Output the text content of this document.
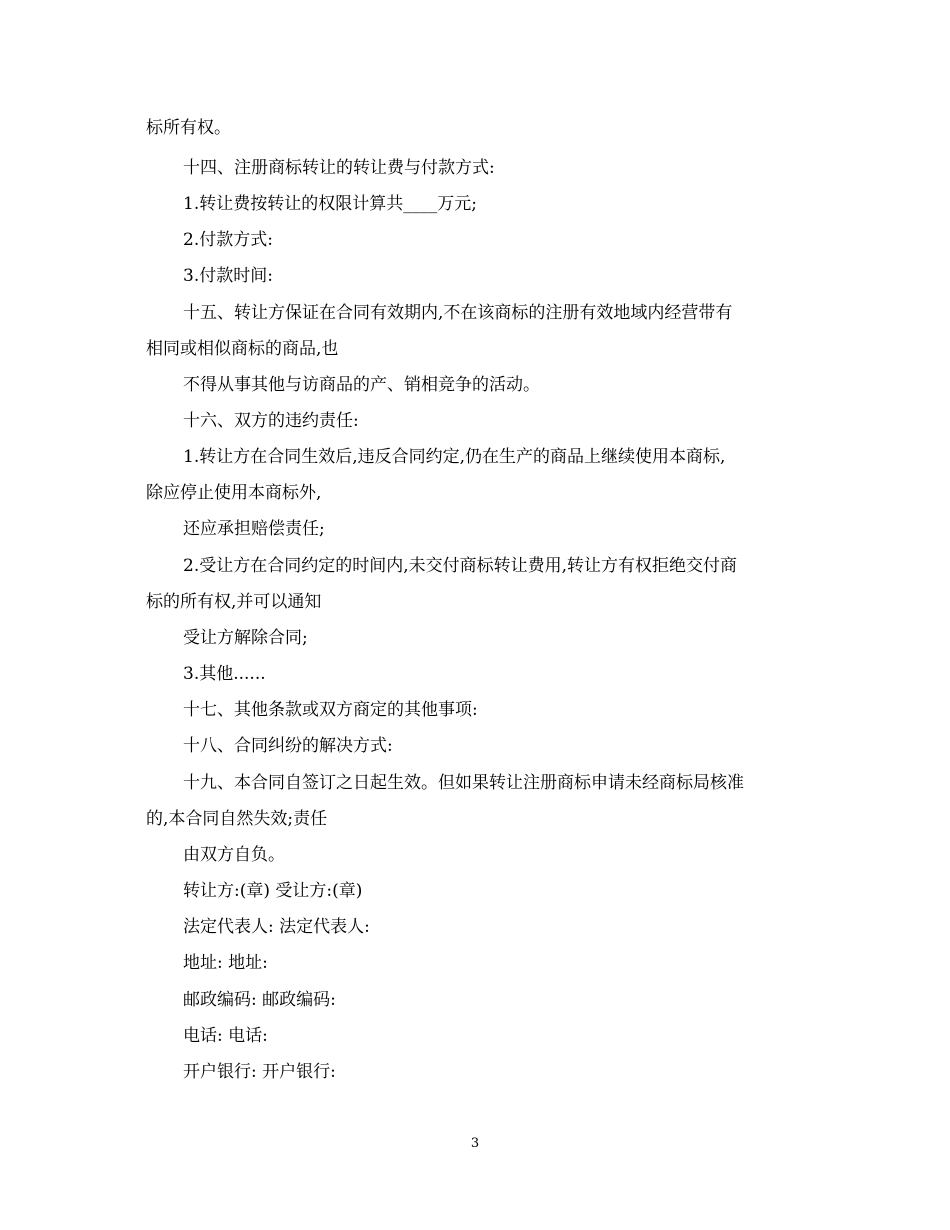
标所有权。
十四、注册商标转让的转让费与付款方式:
1.转让费按转让的权限计算共____万元;
2.付款方式:
3.付款时间:
十五、转让方保证在合同有效期内,不在该商标的注册有效地域内经营带有
相同或相似商标的商品,也
不得从事其他与访商品的产、销相竞争的活动。
十六、双方的违约责任:
1.转让方在合同生效后,违反合同约定,仍在生产的商品上继续使用本商标,
除应停止使用本商标外,
还应承担赔偿责任;
2.受让方在合同约定的时间内,未交付商标转让费用,转让方有权拒绝交付商
标的所有权,并可以通知
受让方解除合同;
3.其他......
十七、其他条款或双方商定的其他事项:
十八、合同纠纷的解决方式:
十九、本合同自签订之日起生效。但如果转让注册商标申请未经商标局核准
的,本合同自然失效;责任
由双方自负。
转让方:(章) 受让方:(章)
法定代表人: 法定代表人:
地址: 地址:
邮政编码: 邮政编码:
电话: 电话:
开户银行: 开户银行:
3
